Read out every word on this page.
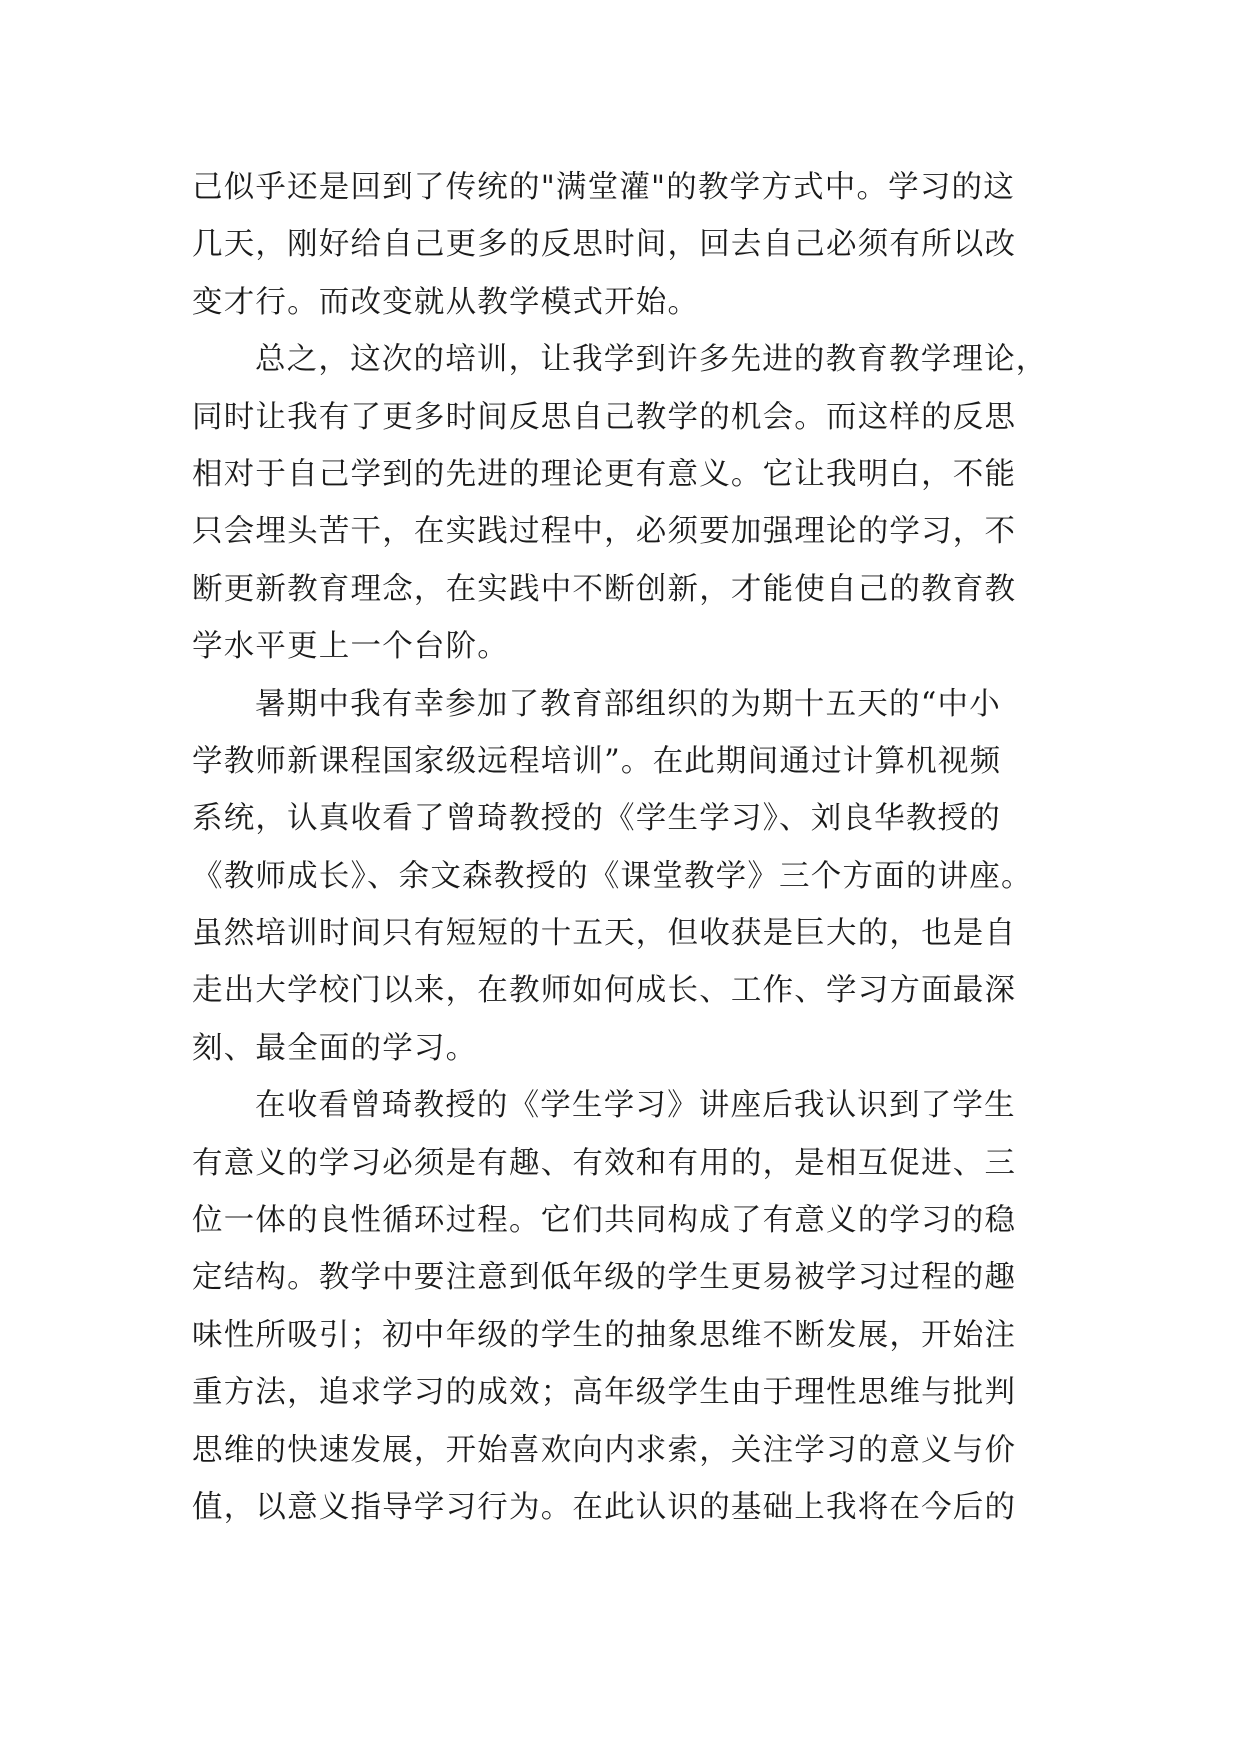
己似乎还是回到了传统的"满堂灌"的教学方式中。学习的这
几天，刚好给自己更多的反思时间，回去自己必须有所以改
变才行。而改变就从教学模式开始。
总之，这次的培训，让我学到许多先进的教育教学理论，
同时让我有了更多时间反思自己教学的机会。而这样的反思
相对于自己学到的先进的理论更有意义。它让我明白，不能
只会埋头苦干，在实践过程中，必须要加强理论的学习，不
断更新教育理念，在实践中不断创新，才能使自己的教育教
学水平更上一个台阶。
暑期中我有幸参加了教育部组织的为期十五天的“中小
学教师新课程国家级远程培训”。在此期间通过计算机视频
系统，认真收看了曾琦教授的《学生学习》、刘良华教授的
《教师成长》、余文森教授的《课堂教学》三个方面的讲座。
虽然培训时间只有短短的十五天，但收获是巨大的，也是自
走出大学校门以来，在教师如何成长、工作、学习方面最深
刻、最全面的学习。
在收看曾琦教授的《学生学习》讲座后我认识到了学生
有意义的学习必须是有趣、有效和有用的，是相互促进、三
位一体的良性循环过程。它们共同构成了有意义的学习的稳
定结构。教学中要注意到低年级的学生更易被学习过程的趣
味性所吸引；初中年级的学生的抽象思维不断发展，开始注
重方法，追求学习的成效；高年级学生由于理性思维与批判
思维的快速发展，开始喜欢向内求索，关注学习的意义与价
值，以意义指导学习行为。在此认识的基础上我将在今后的
